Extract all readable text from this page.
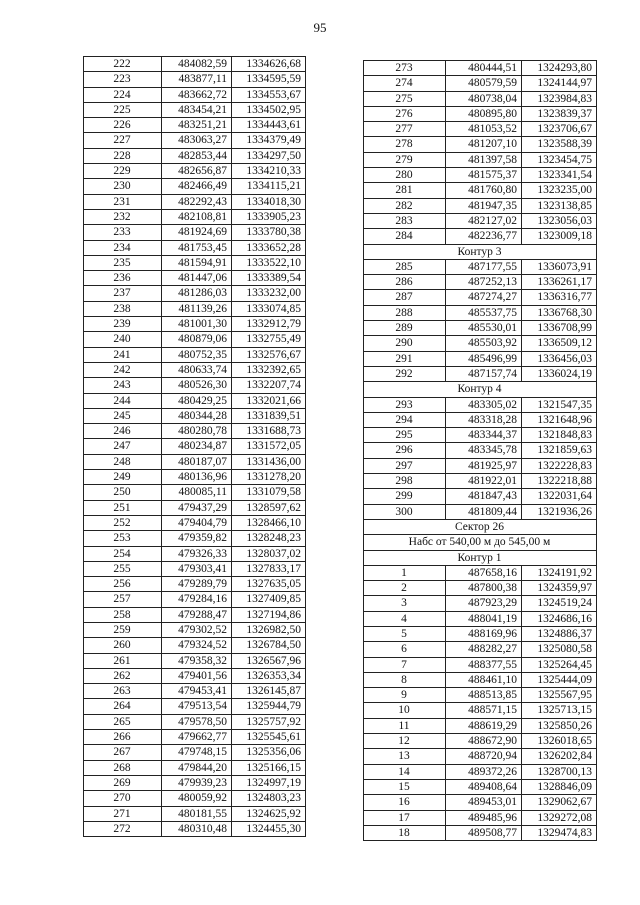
95
222	484082,59	1334626,68
223	483877,11	1334595,59
224	483662,72	1334553,67
225	483454,21	1334502,95
226	483251,21	1334443,61
227	483063,27	1334379,49
228	482853,44	1334297,50
229	482656,87	1334210,33
230	482466,49	1334115,21
231	482292,43	1334018,30
232	482108,81	1333905,23
233	481924,69	1333780,38
234	481753,45	1333652,28
235	481594,91	1333522,10
236	481447,06	1333389,54
237	481286,03	1333232,00
238	481139,26	1333074,85
239	481001,30	1332912,79
240	480879,06	1332755,49
241	480752,35	1332576,67
242	480633,74	1332392,65
243	480526,30	1332207,74
244	480429,25	1332021,66
245	480344,28	1331839,51
246	480280,78	1331688,73
247	480234,87	1331572,05
248	480187,07	1331436,00
249	480136,96	1331278,20
250	480085,11	1331079,58
251	479437,29	1328597,62
252	479404,79	1328466,10
253	479359,82	1328248,23
254	479326,33	1328037,02
255	479303,41	1327833,17
256	479289,79	1327635,05
257	479284,16	1327409,85
258	479288,47	1327194,86
259	479302,52	1326982,50
260	479324,52	1326784,50
261	479358,32	1326567,96
262	479401,56	1326353,34
263	479453,41	1326145,87
264	479513,54	1325944,79
265	479578,50	1325757,92
266	479662,77	1325545,61
267	479748,15	1325356,06
268	479844,20	1325166,15
269	479939,23	1324997,19
270	480059,92	1324803,23
271	480181,55	1324625,92
272	480310,48	1324455,30
273	480444,51	1324293,80
274	480579,59	1324144,97
275	480738,04	1323984,83
276	480895,80	1323839,37
277	481053,52	1323706,67
278	481207,10	1323588,39
279	481397,58	1323454,75
280	481575,37	1323341,54
281	481760,80	1323235,00
282	481947,35	1323138,85
283	482127,02	1323056,03
284	482236,77	1323009,18
Контур 3		
285	487177,55	1336073,91
286	487252,13	1336261,17
287	487274,27	1336316,77
288	485537,75	1336768,30
289	485530,01	1336708,99
290	485503,92	1336509,12
291	485496,99	1336456,03
292	487157,74	1336024,19
Контур 4		
293	483305,02	1321547,35
294	483318,28	1321648,96
295	483344,37	1321848,83
296	483345,78	1321859,63
297	481925,97	1322228,83
298	481922,01	1322218,88
299	481847,43	1322031,64
300	481809,44	1321936,26
Сектор 26		
Набс от 540,00 м до 545,00 м		
Контур 1		
1	487658,16	1324191,92
2	487800,38	1324359,97
3	487923,29	1324519,24
4	488041,19	1324686,16
5	488169,96	1324886,37
6	488282,27	1325080,58
7	488377,55	1325264,45
8	488461,10	1325444,09
9	488513,85	1325567,95
10	488571,15	1325713,15
11	488619,29	1325850,26
12	488672,90	1326018,65
13	488720,94	1326202,84
14	489372,26	1328700,13
15	489408,64	1328846,09
16	489453,01	1329062,67
17	489485,96	1329272,08
18	489508,77	1329474,83
